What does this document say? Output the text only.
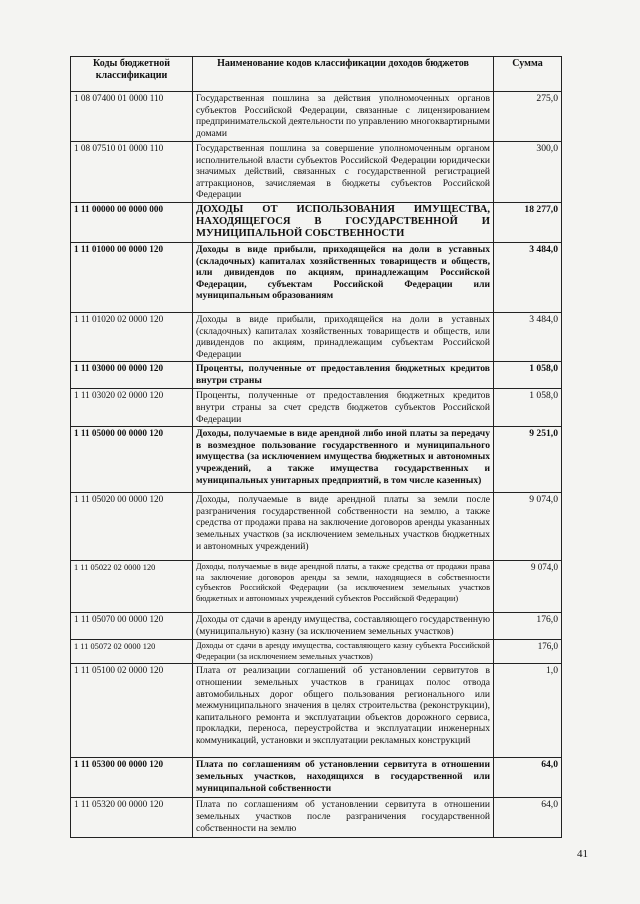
Коды бюджетной классификации	Наименование кодов классификации доходов бюджетов	Сумма
1 08 07400 01 0000 110	Государственная пошлина за действия уполномоченных органов субъектов Российской Федерации, связанные с лицензированием предпринимательской деятельности по управлению многоквартирными домами	275,0
1 08 07510 01 0000 110	Государственная пошлина за совершение уполномоченным органом исполнительной власти субъектов Российской Федерации юридически значимых действий, связанных с государственной регистрацией аттракционов, зачисляемая в бюджеты субъектов Российской Федерации	300,0
1 11 00000 00 0000 000	ДОХОДЫ ОТ ИСПОЛЬЗОВАНИЯ ИМУЩЕСТВА, НАХОДЯЩЕГОСЯ В ГОСУДАРСТВЕННОЙ И МУНИЦИПАЛЬНОЙ СОБСТВЕННОСТИ	18 277,0
1 11 01000 00 0000 120	Доходы в виде прибыли, приходящейся на доли в уставных (складочных) капиталах хозяйственных товариществ и обществ, или дивидендов по акциям, принадлежащим Российской Федерации, субъектам Российской Федерации или муниципальным образованиям	3 484,0
1 11 01020 02 0000 120	Доходы в виде прибыли, приходящейся на доли в уставных (складочных) капиталах хозяйственных товариществ и обществ, или дивидендов по акциям, принадлежащим субъектам Российской Федерации	3 484,0
1 11 03000 00 0000 120	Проценты, полученные от предоставления бюджетных кредитов внутри страны	1 058,0
1 11 03020 02 0000 120	Проценты, полученные от предоставления бюджетных кредитов внутри страны за счет средств бюджетов субъектов Российской Федерации	1 058,0
1 11 05000 00 0000 120	Доходы, получаемые в виде арендной либо иной платы за передачу в возмездное пользование государственного и муниципального имущества (за исключением имущества бюджетных и автономных учреждений, а также имущества государственных и муниципальных унитарных предприятий, в том числе казенных)	9 251,0
1 11 05020 00 0000 120	Доходы, получаемые в виде арендной платы за земли после разграничения государственной собственности на землю, а также средства от продажи права на заключение договоров аренды указанных земельных участков (за исключением земельных участков бюджетных и автономных учреждений)	9 074,0
1 11 05022 02 0000 120	Доходы, получаемые в виде арендной платы, а также средства от продажи права на заключение договоров аренды за земли, находящиеся в собственности субъектов Российской Федерации (за исключением земельных участков бюджетных и автономных учреждений субъектов Российской Федерации)	9 074,0
1 11 05070 00 0000 120	Доходы от сдачи в аренду имущества, составляющего государственную (муниципальную) казну (за исключением земельных участков)	176,0
1 11 05072 02 0000 120	Доходы от сдачи в аренду имущества, составляющего казну субъекта Российской Федерации (за исключением земельных участков)	176,0
1 11 05100 02 0000 120	Плата от реализации соглашений об установлении сервитутов в отношении земельных участков в границах полос отвода автомобильных дорог общего пользования регионального или межмуниципального значения в целях строительства (реконструкции), капитального ремонта и эксплуатации объектов дорожного сервиса, прокладки, переноса, переустройства и эксплуатации инженерных коммуникаций, установки и эксплуатации рекламных конструкций	1,0
1 11 05300 00 0000 120	Плата по соглашениям об установлении сервитута в отношении земельных участков, находящихся в государственной или муниципальной собственности	64,0
1 11 05320 00 0000 120	Плата по соглашениям об установлении сервитута в отношении земельных участков после разграничения государственной собственности на землю	64,0
41
